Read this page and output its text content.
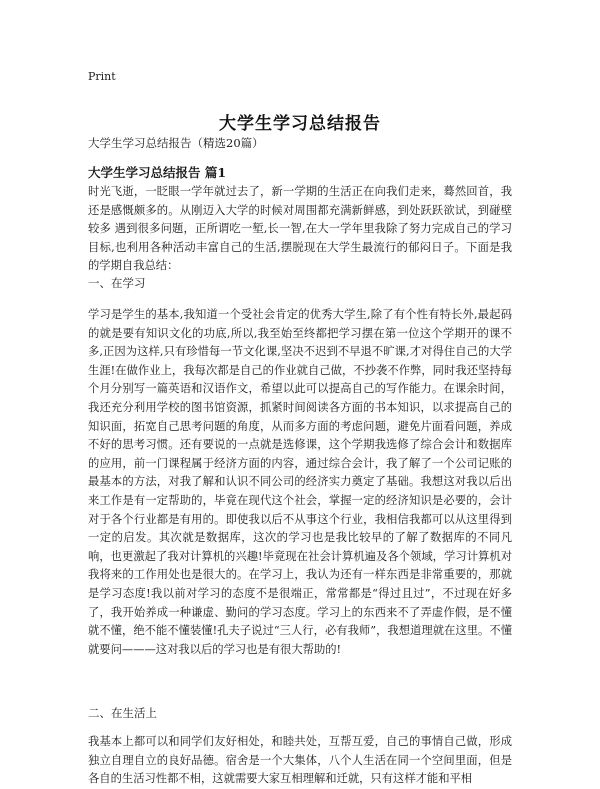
Print
大学生学习总结报告
大学生学习总结报告（精选20篇）
大学生学习总结报告 篇1

时光飞逝，一眨眼一学年就过去了，新一学期的生活正在向我们走来，蓦然回首，我还是感慨颇多的。从刚迈入大学的时候对周围都充满新鲜感，到处跃跃欲试，到碰壁较多 遇到很多问题，正所谓吃一堑,长一智,在大一学年里我除了努力完成自己的学习目标,也利用各种活动丰富自己的生活,摆脱现在大学生最流行的郁闷日子。下面是我的学期自我总结：

一、在学习

学习是学生的基本,我知道一个受社会肯定的优秀大学生,除了有个性有特长外,最起码的就是要有知识文化的功底,所以,我至始至终都把学习摆在第一位这个学期开的课不多,正因为这样,只有珍惜每一节文化课,坚决不迟到不早退不旷课,才对得住自己的大学生涯!在做作业上，我每次都是自己的作业就自己做，不抄袭不作弊，同时我还坚持每个月分别写一篇英语和汉语作文，希望以此可以提高自己的写作能力。在课余时间，我还充分利用学校的图书馆资源，抓紧时间阅读各方面的书本知识，以求提高自己的知识面，拓宽自己思考问题的角度，从而多方面的考虑问题，避免片面看问题，养成不好的思考习惯。还有要说的一点就是选修课，这个学期我选修了综合会计和数据库的应用，前一门课程属于经济方面的内容，通过综合会计，我了解了一个公司记账的最基本的方法，对我了解和认识不同公司的经济实力奠定了基础。我想这对我以后出来工作是有一定帮助的，毕竟在现代这个社会，掌握一定的经济知识是必要的，会计对于各个行业都是有用的。即使我以后不从事这个行业，我相信我都可以从这里得到一定的启发。其次就是数据库，这次的学习也是我比较早的了解了数据库的不同凡响，也更激起了我对计算机的兴趣!毕竟现在社会计算机遍及各个领域，学习计算机对我将来的工作用处也是很大的。在学习上，我认为还有一样东西是非常重要的，那就是学习态度!我以前对学习的态度不是很端正，常常都是“得过且过”，不过现在好多了，我开始养成一种谦虚、勤问的学习态度。学习上的东西来不了弄虚作假，是不懂就不懂，绝不能不懂装懂!孔夫子说过“三人行，必有我师”，我想道理就在这里。不懂就要问———这对我以后的学习也是有很大帮助的!

二、在生活上

我基本上都可以和同学们友好相处，和睦共处，互帮互爱，自己的事情自己做，形成独立自理自立的良好品德。宿舍是一个大集体，八个人生活在同一个空间里面，但是各自的生活习性都不相，这就需要大家互相理解和迁就，只有这样才能和平相
